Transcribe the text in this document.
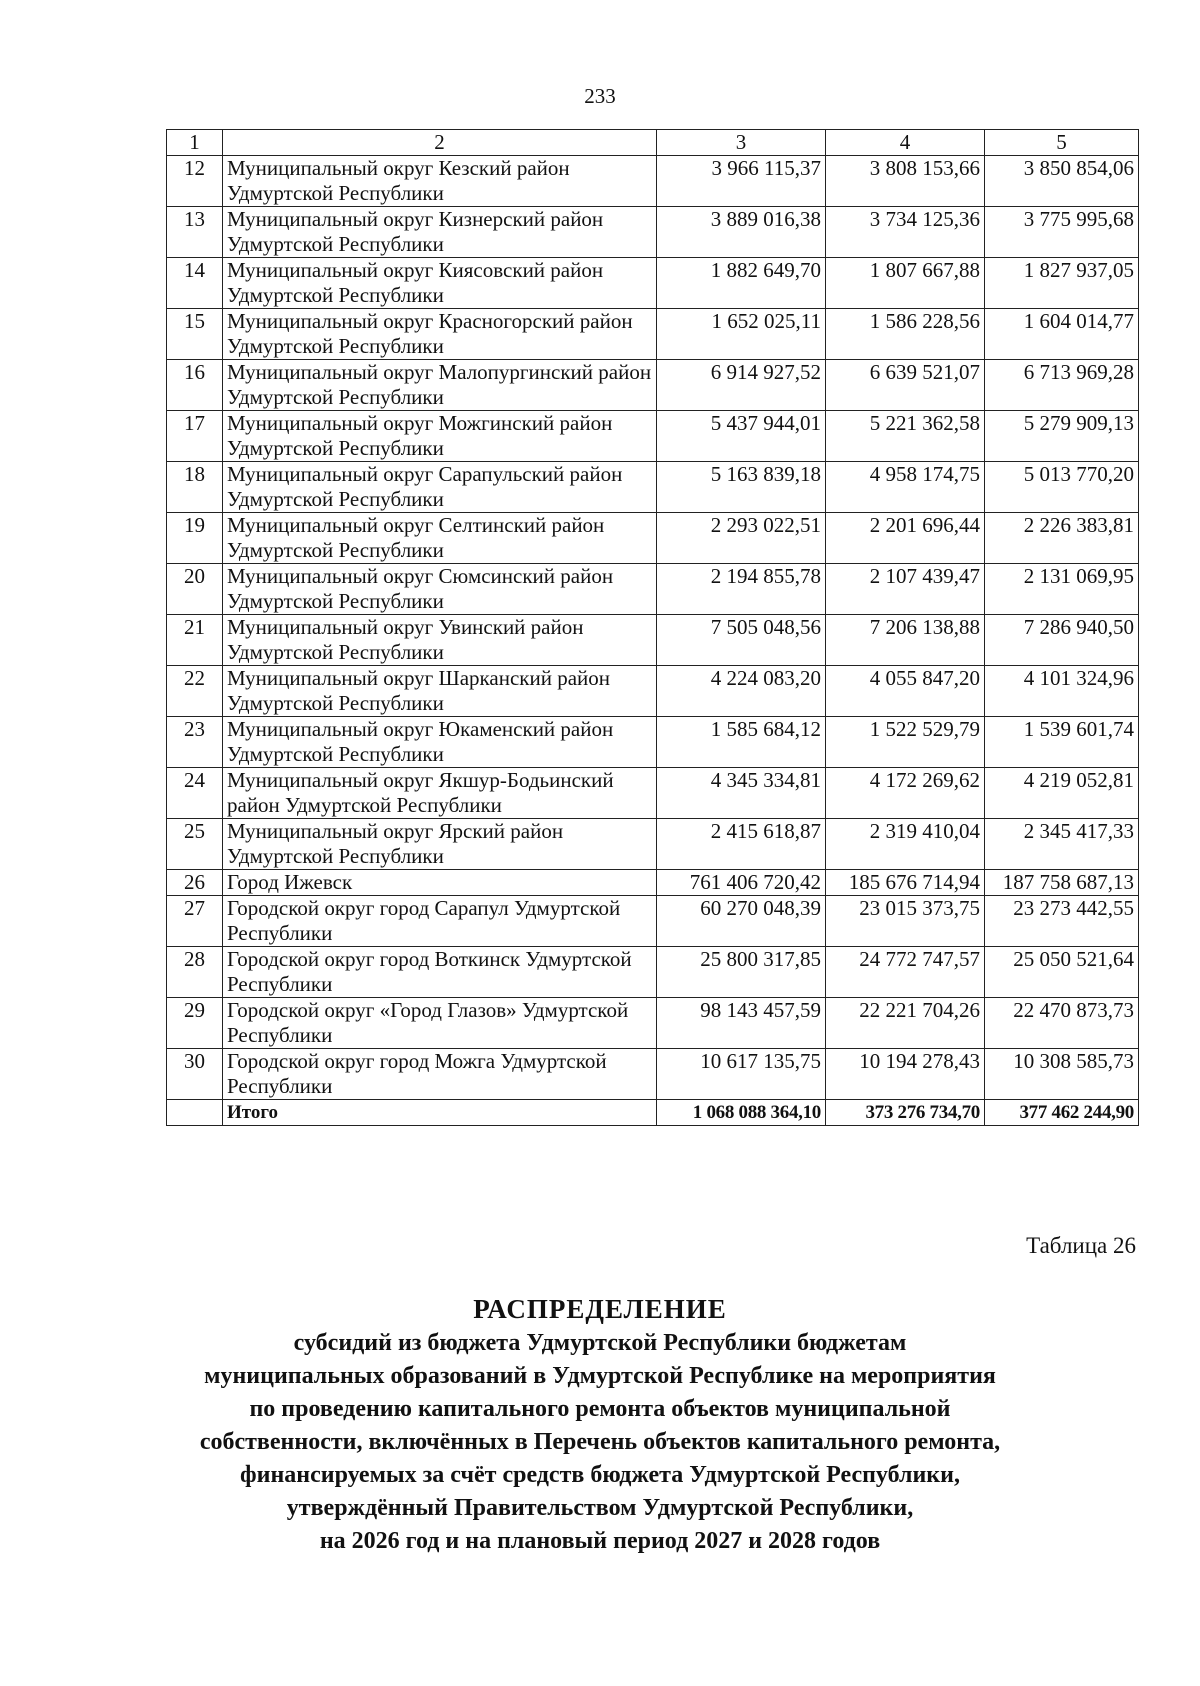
233
1	2	3	4	5
12	Муниципальный округ Кезский район Удмуртской Республики	3 966 115,37	3 808 153,66	3 850 854,06
13	Муниципальный округ Кизнерский район Удмуртской Республики	3 889 016,38	3 734 125,36	3 775 995,68
14	Муниципальный округ Киясовский район Удмуртской Республики	1 882 649,70	1 807 667,88	1 827 937,05
15	Муниципальный округ Красногорский район Удмуртской Республики	1 652 025,11	1 586 228,56	1 604 014,77
16	Муниципальный округ Малопургинский район Удмуртской Республики	6 914 927,52	6 639 521,07	6 713 969,28
17	Муниципальный округ Можгинский район Удмуртской Республики	5 437 944,01	5 221 362,58	5 279 909,13
18	Муниципальный округ Сарапульский район Удмуртской Республики	5 163 839,18	4 958 174,75	5 013 770,20
19	Муниципальный округ Селтинский район Удмуртской Республики	2 293 022,51	2 201 696,44	2 226 383,81
20	Муниципальный округ Сюмсинский район Удмуртской Республики	2 194 855,78	2 107 439,47	2 131 069,95
21	Муниципальный округ Увинский район Удмуртской Республики	7 505 048,56	7 206 138,88	7 286 940,50
22	Муниципальный округ Шарканский район Удмуртской Республики	4 224 083,20	4 055 847,20	4 101 324,96
23	Муниципальный округ Юкаменский район Удмуртской Республики	1 585 684,12	1 522 529,79	1 539 601,74
24	Муниципальный округ Якшур-Бодьинский район Удмуртской Республики	4 345 334,81	4 172 269,62	4 219 052,81
25	Муниципальный округ Ярский район Удмуртской Республики	2 415 618,87	2 319 410,04	2 345 417,33
26	Город Ижевск	761 406 720,42	185 676 714,94	187 758 687,13
27	Городской округ город Сарапул Удмуртской Республики	60 270 048,39	23 015 373,75	23 273 442,55
28	Городской округ город Воткинск Удмуртской Республики	25 800 317,85	24 772 747,57	25 050 521,64
29	Городской округ «Город Глазов» Удмуртской Республики	98 143 457,59	22 221 704,26	22 470 873,73
30	Городской округ город Можга Удмуртской Республики	10 617 135,75	10 194 278,43	10 308 585,73
	Итого	1 068 088 364,10	373 276 734,70	377 462 244,90
Таблица 26
РАСПРЕДЕЛЕНИЕ
субсидий из бюджета Удмуртской Республики бюджетам
муниципальных образований в Удмуртской Республике на мероприятия
по проведению капитального ремонта объектов муниципальной
собственности, включённых в Перечень объектов капитального ремонта,
финансируемых за счёт средств бюджета Удмуртской Республики,
утверждённый Правительством Удмуртской Республики,
на 2026 год и на плановый период 2027 и 2028 годов
